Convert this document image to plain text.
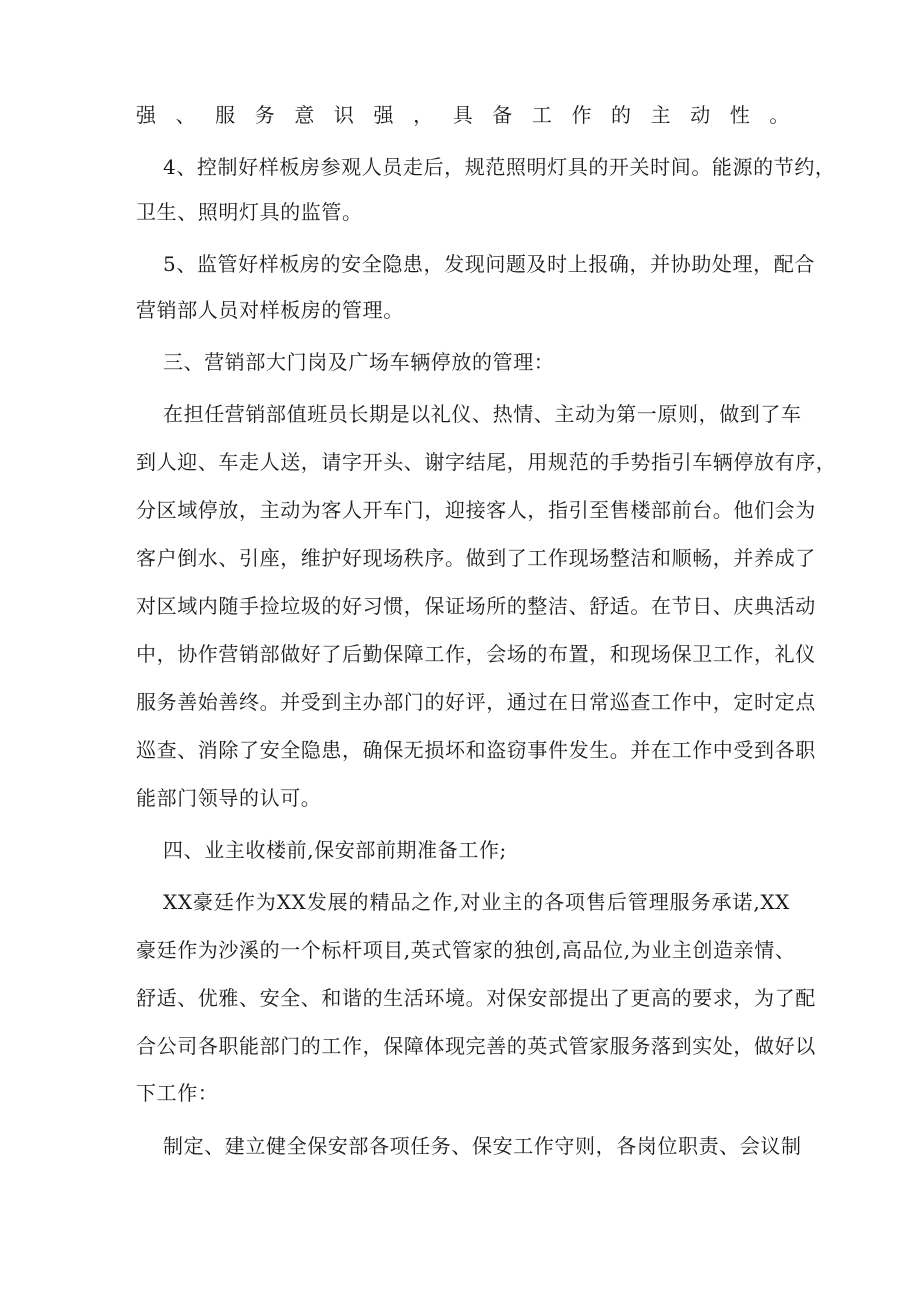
强、服务意识强，具备工作的主动性。
4、控制好样板房参观人员走后，规范照明灯具的开关时间。能源的节约，
卫生、照明灯具的监管。
5、监管好样板房的安全隐患，发现问题及时上报确，并协助处理，配合
营销部人员对样板房的管理。
三、营销部大门岗及广场车辆停放的管理：
在担任营销部值班员长期是以礼仪、热情、主动为第一原则，做到了车
到人迎、车走人送，请字开头、谢字结尾，用规范的手势指引车辆停放有序，
分区域停放，主动为客人开车门，迎接客人，指引至售楼部前台。他们会为
客户倒水、引座，维护好现场秩序。做到了工作现场整洁和顺畅，并养成了
对区域内随手捡垃圾的好习惯，保证场所的整洁、舒适。在节日、庆典活动
中，协作营销部做好了后勤保障工作，会场的布置，和现场保卫工作，礼仪
服务善始善终。并受到主办部门的好评，通过在日常巡查工作中，定时定点
巡查、消除了安全隐患，确保无损坏和盗窃事件发生。并在工作中受到各职
能部门领导的认可。
四、业主收楼前,保安部前期准备工作;
XX豪廷作为XX发展的精品之作,对业主的各项售后管理服务承诺,XX
豪廷作为沙溪的一个标杆项目,英式管家的独创,高品位,为业主创造亲情、
舒适、优雅、安全、和谐的生活环境。对保安部提出了更高的要求，为了配
合公司各职能部门的工作，保障体现完善的英式管家服务落到实处，做好以
下工作：
制定、建立健全保安部各项任务、保安工作守则，各岗位职责、会议制
